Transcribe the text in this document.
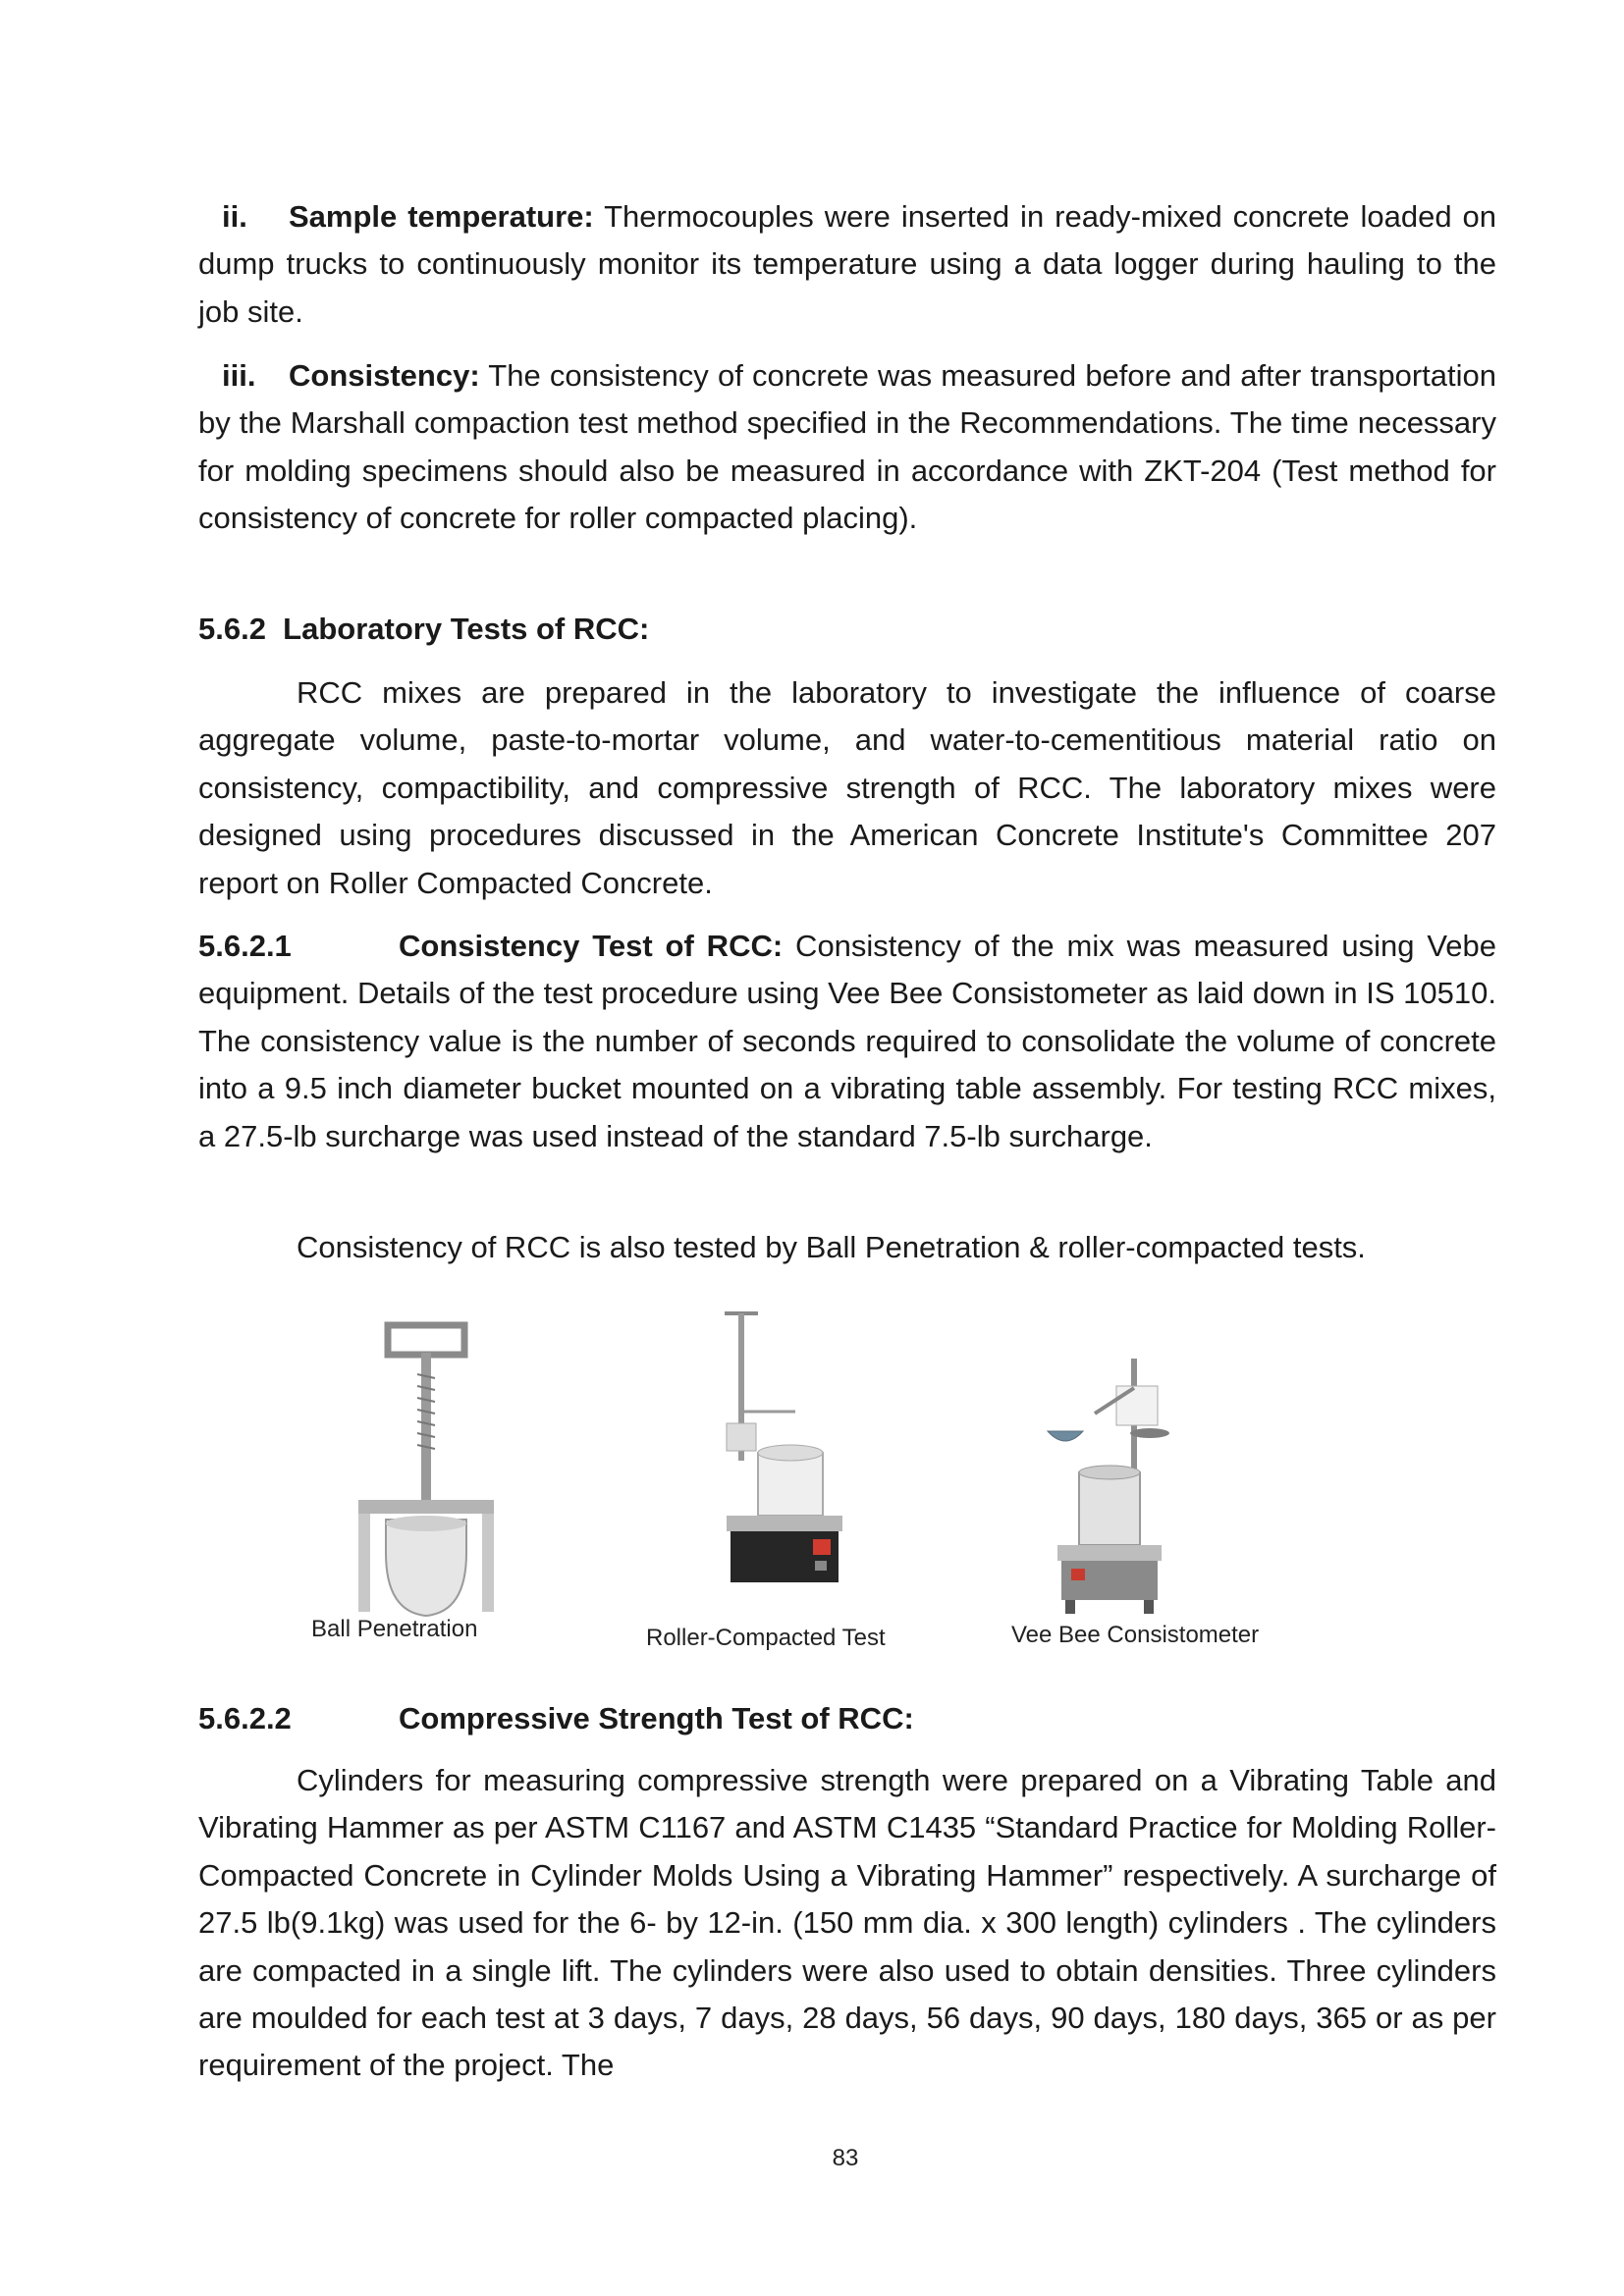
ii. Sample temperature: Thermocouples were inserted in ready-mixed concrete loaded on dump trucks to continuously monitor its temperature using a data logger during hauling to the job site.
iii. Consistency: The consistency of concrete was measured before and after transportation by the Marshall compaction test method specified in the Recommendations. The time necessary for molding specimens should also be measured in accordance with ZKT-204 (Test method for consistency of concrete for roller compacted placing).
5.6.2  Laboratory Tests of RCC:
RCC mixes are prepared in the laboratory to investigate the influence of coarse aggregate volume, paste-to-mortar volume, and water-to-cementitious material ratio on consistency, compactibility, and compressive strength of RCC. The laboratory mixes were designed using procedures discussed in the American Concrete Institute's Committee 207 report on Roller Compacted Concrete.
5.6.2.1	Consistency Test of RCC: Consistency of the mix was measured using Vebe equipment. Details of the test procedure using Vee Bee Consistometer as laid down in IS 10510. The consistency value is the number of seconds required to consolidate the volume of concrete into a 9.5 inch diameter bucket mounted on a vibrating table assembly. For testing RCC mixes, a 27.5-lb surcharge was used instead of the standard 7.5-lb surcharge.
Consistency of RCC is also tested by Ball Penetration & roller-compacted tests.
Ball Penetration	Roller-Compacted Test	Vee Bee Consistometer
5.6.2.2	Compressive Strength Test of RCC:
Cylinders for measuring compressive strength were prepared on a Vibrating Table and Vibrating Hammer as per ASTM C1167 and ASTM C1435 “Standard Practice for Molding Roller-Compacted Concrete in Cylinder Molds Using a Vibrating Hammer” respectively. A surcharge of 27.5 lb(9.1kg) was used for the 6- by 12-in. (150 mm dia. x 300 length) cylinders . The cylinders are compacted in a single lift. The cylinders were also used to obtain densities. Three cylinders are moulded for each test at 3 days, 7 days, 28 days, 56 days, 90 days, 180 days, 365 or as per requirement of the project. The
83
